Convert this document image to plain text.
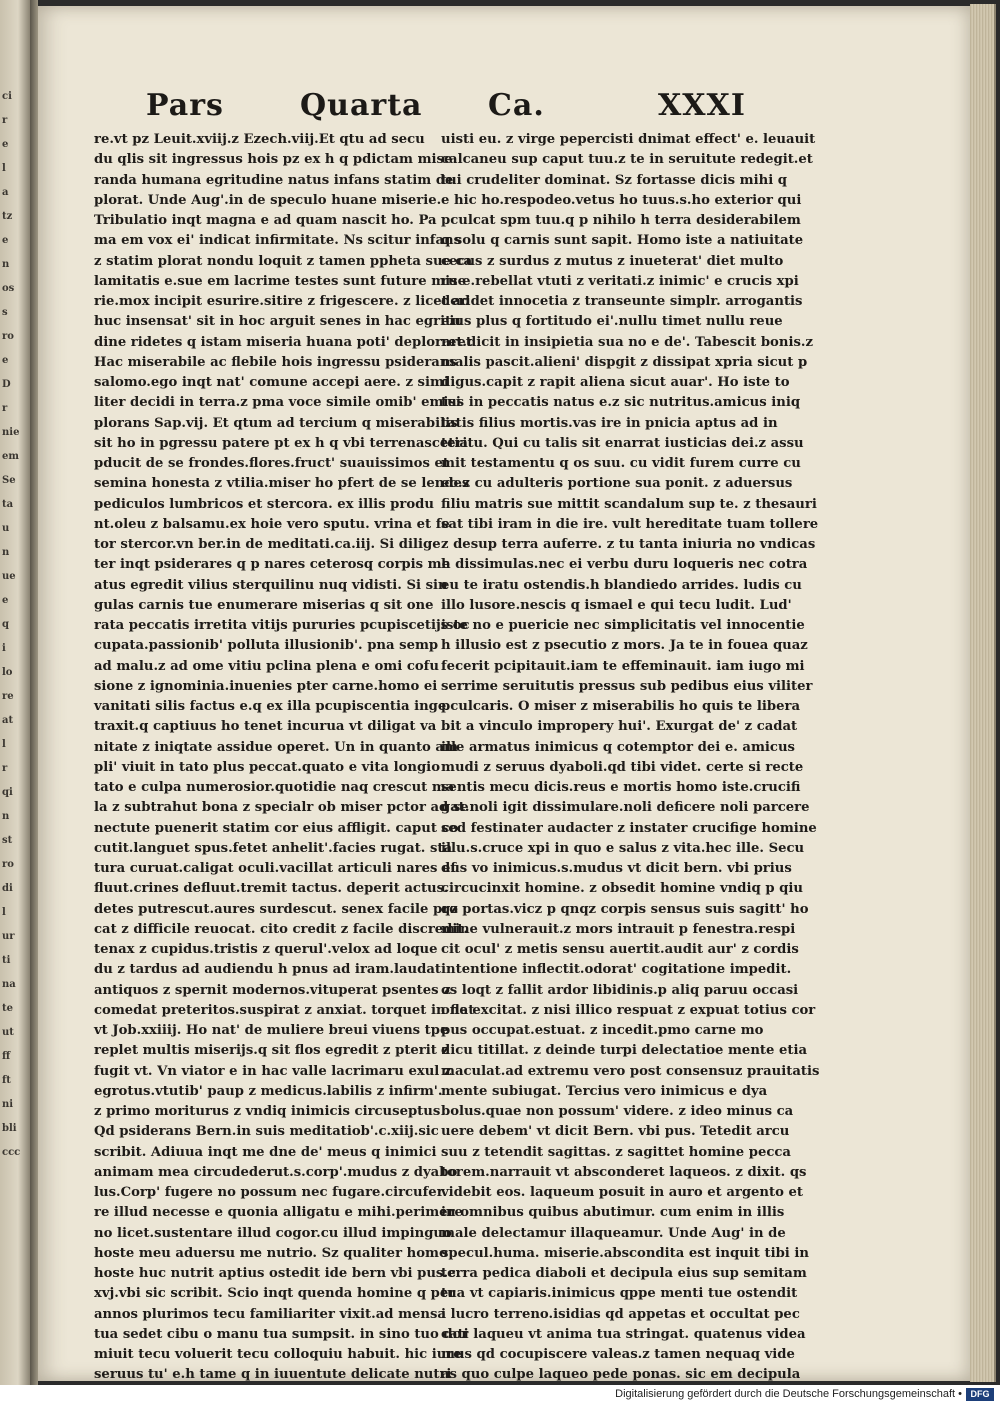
ci
r
e
l
a
tz
e
n
os
s
ro
e
D
r
nie
em
Se
ta
u
n
ue
e
q
i
lo
re
at
l
r
qi
n
st
ro
di
l
ur
ti
na
te
ut
ff
ft
ni
bli
ccc
Pars	Quarta Ca.	XXXI
re.vt pz Leuit.xviij.z Ezech.viij.Et qtu ad secu
du qlis sit ingressus hois pz ex h q pdictam mise
randa humana egritudine natus infans statim de
plorat. Unde Aug'.in de speculo huane miserie.
Tribulatio inqt magna e ad quam nascit ho. Pa
ma em vox ei' indicat infirmitate. Ns scitur infans
z statim plorat nondu loquit z tamen ppheta sue ca
lamitatis e.sue em lacrime testes sunt future mise
rie.mox incipit esurire.sitire z frigescere. z licet ad
huc insensat' sit in hoc arguit senes in hac egritu
dine ridetes q istam miseria huana poti' deploraret
Hac miserabile ac flebile hois ingressu psiderans
salomo.ego inqt nat' comune accepi aere. z simi
liter decidi in terra.z pma voce simile omib' emisi
plorans Sap.vij. Et qtum ad tercium q miserabilis
sit ho in pgressu patere pt ex h q vbi terrenascetia
pducit de se frondes.flores.fruct' suauissimos et
semina honesta z vtilia.miser ho pfert de se lendes
pediculos lumbricos et stercora. ex illis produ
nt.oleu z balsamu.ex hoie vero sputu. vrina et fe
tor stercor.vn ber.in de meditati.ca.iij. Si dilige
ter inqt psiderares q p nares ceterosq corpis me
atus egredit vilius sterquilinu nuq vidisti. Si sin
gulas carnis tue enumerare miserias q sit one
rata peccatis irretita vitijs pururies pcupiscetijs oc
cupata.passionib' polluta illusionib'. pna semp
ad malu.z ad ome vitiu pclina plena e omi cofu
sione z ignominia.inuenies pter carne.homo ei
vanitati silis factus e.q ex illa pcupiscentia inge
traxit.q captiuus ho tenet incurua vt diligat va
nitate z iniqtate assidue operet. Un in quanto am
pli' viuit in tato plus peccat.quato e vita longio
tato e culpa numerosior.quotidie naq crescut ma
la z subtrahut bona z specialr ob miser pctor ad se
nectute puenerit statim cor eius affligit. caput co
cutit.languet spus.fetet anhelit'.facies rugat. sta
tura curuat.caligat oculi.vacillat articuli nares ef
fluut.crines defluut.tremit tactus. deperit actus.
detes putrescut.aures surdescut. senex facile pro
cat z difficile reuocat. cito credit z facile discredit.
tenax z cupidus.tristis z querul'.velox ad loque
du z tardus ad audiendu h pnus ad iram.laudat
antiquos z spernit modernos.vituperat psentes z
comedat preteritos.suspirat z anxiat. torquet in flat
vt Job.xxiiij. Ho nat' de muliere breui viuens tpe
replet multis miserijs.q sit flos egredit z pterit z
fugit vt. Vn viator e in hac valle lacrimaru exul z
egrotus.vtutib' paup z medicus.labilis z infirm'.
z primo moriturus z vndiq inimicis circuseptus
Qd psiderans Bern.in suis meditatiob'.c.xiij.sic
scribit. Adiuua inqt me dne de' meus q inimici
animam mea circudederut.s.corp'.mudus z dyabo
lus.Corp' fugere no possum nec fugare.circufer
re illud necesse e quonia alligatu e mihi.perimere
no licet.sustentare illud cogor.cu illud impinguo
hoste meu aduersu me nutrio. Sz qualiter homo
hoste huc nutrit aptius ostedit ide bern vbi pus.c.
xvj.vbi sic scribit. Scio inqt quenda homine q per
annos plurimos tecu familiariter vixit.ad mensa
tua sedet cibu o manu tua sumpsit. in sino tuo dor
miuit tecu voluerit tecu colloquiu habuit. hic iure
seruus tu' e.h tame q in iuuentute delicate nutri
uisti eu. z virge pepercisti dnimat effect' e. leuauit
calcaneu sup caput tuu.z te in seruitute redegit.et
tui crudeliter dominat. Sz fortasse dicis mihi q
e hic ho.respodeo.vetus ho tuus.s.ho exterior qui
pculcat spm tuu.q p nihilo h terra desiderabilem
q solu q carnis sunt sapit. Homo iste a natiuitate
cecus z surdus z mutus z inueterat' diet multo
ru e.rebellat vtuti z veritati.z inimic' e crucis xpi
deridet innocetia z transeunte simplr. arrogantis
eius plus q fortitudo ei'.nullu timet nullu reue
ret.dicit in insipietia sua no e de'. Tabescit bonis.z
malis pascit.alieni' dispgit z dissipat xpria sicut p
digus.capit z rapit aliena sicut auar'. Ho iste to
tus in peccatis natus e.z sic nutritus.amicus iniq
tatis filius mortis.vas ire in pnicia aptus ad in
teritu. Qui cu talis sit enarrat iusticias dei.z assu
mit testamentu q os suu. cu vidit furem curre cu
eo.z cu adulteris portione sua ponit. z aduersus
filiu matris sue mittit scandalum sup te. z thesauri
sat tibi iram in die ire. vult hereditate tuam tollere
z desup terra auferre. z tu tanta iniuria no vndicas
h dissimulas.nec ei verbu duru loqueris nec cotra
eu te iratu ostendis.h blandiedo arrides. ludis cu
illo lusore.nescis q ismael e qui tecu ludit. Lud'
iste no e puericie nec simplicitatis vel innocentie
h illusio est z psecutio z mors. Ja te in fouea quaz
fecerit pcipitauit.iam te effeminauit. iam iugo mi
serrime seruitutis pressus sub pedibus eius viliter
pculcaris. O miser z miserabilis ho quis te libera
bit a vinculo impropery hui'. Exurgat de' z cadat
ille armatus inimicus q cotemptor dei e. amicus
mudi z seruus dyaboli.qd tibi videt. certe si recte
sentis mecu dicis.reus e mortis homo iste.crucifi
gat.noli igit dissimulare.noli deficere noli parcere
sed festinater audacter z instater crucifige homine
illu.s.cruce xpi in quo e salus z vita.hec ille. Secu
dus vo inimicus.s.mudus vt dicit bern. vbi prius
circucinxit homine. z obsedit homine vndiq p qiu
qz portas.vicz p qnqz corpis sensus suis sagitt' ho
mine vulnerauit.z mors intrauit p fenestra.respi
cit ocul' z metis sensu auertit.audit aur' z cordis
intentione inflectit.odorat' cogitatione impedit.
os loqt z fallit ardor libidinis.p aliq paruu occasi
one excitat. z nisi illico respuat z expuat totius cor
pus occupat.estuat. z incedit.pmo carne mo
dicu titillat. z deinde turpi delectatioe mente etia
maculat.ad extremu vero post consensuz prauitatis
mente subiugat. Tercius vero inimicus e dya
bolus.quae non possum' videre. z ideo minus ca
uere debem' vt dicit Bern. vbi pus. Tetedit arcu
suu z tetendit sagittas. z sagittet homine pecca
torem.narrauit vt absconderet laqueos. z dixit. qs
videbit eos. laqueum posuit in auro et argento et
in omnibus quibus abutimur. cum enim in illis
male delectamur illaqueamur. Unde Aug' in de
specul.huma. miserie.abscondita est inquit tibi in
terra pedica diaboli et decipula eius sup semitam
tua vt capiaris.inimicus qppe menti tue ostendit
i lucro terreno.isidias qd appetas et occultat pec
cati laqueu vt anima tua stringat. quatenus videa
mus qd cocupiscere valeas.z tamen nequaq vide
as quo culpe laqueo pede ponas. sic em decipula
Digitalisierung gefördert durch die Deutsche Forschungsgemeinschaft • DFG
